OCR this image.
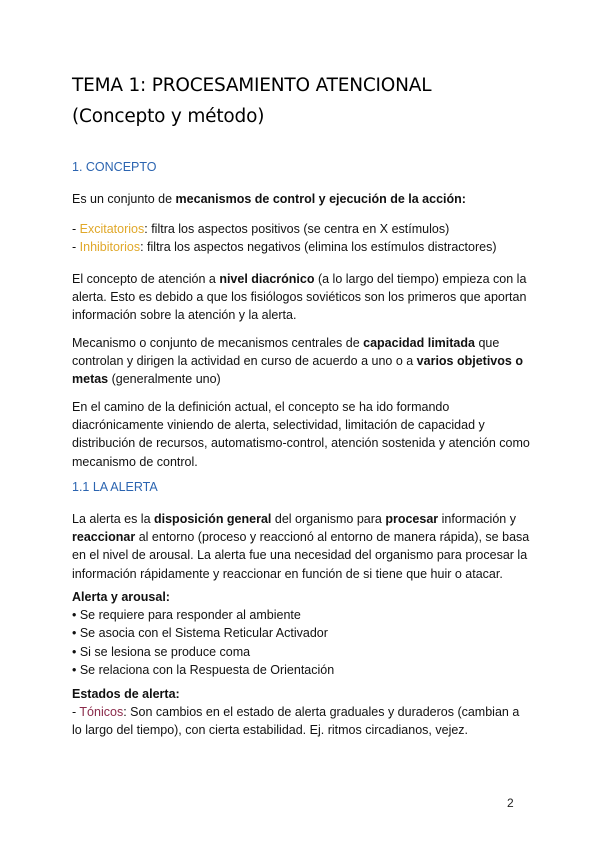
TEMA 1: PROCESAMIENTO ATENCIONAL
(Concepto y método)
1. CONCEPTO

Es un conjunto de mecanismos de control y ejecución de la acción:

- Excitatorios: filtra los aspectos positivos (se centra en X estímulos)

- Inhibitorios: filtra los aspectos negativos (elimina los estímulos distractores)

El concepto de atención a nivel diacrónico (a lo largo del tiempo) empieza con la alerta. Esto es debido a que los fisiólogos soviéticos son los primeros que aportan información sobre la atención y la alerta.

Mecanismo o conjunto de mecanismos centrales de capacidad limitada que controlan y dirigen la actividad en curso de acuerdo a uno o a varios objetivos o metas (generalmente uno)

En el camino de la definición actual, el concepto se ha ido formando diacrónicamente viniendo de alerta, selectividad, limitación de capacidad y distribución de recursos, automatismo-control, atención sostenida y atención como mecanismo de control.

1.1 LA ALERTA

La alerta es la disposición general del organismo para procesar información y reaccionar al entorno (proceso y reaccionó al entorno de manera rápida), se basa en el nivel de arousal. La alerta fue una necesidad del organismo para procesar la información rápidamente y reaccionar en función de si tiene que huir o atacar.

Alerta y arousal:

• Se requiere para responder al ambiente

• Se asocia con el Sistema Reticular Activador

• Si se lesiona se produce coma

• Se relaciona con la Respuesta de Orientación

Estados de alerta:

- Tónicos: Son cambios en el estado de alerta graduales y duraderos (cambian a lo largo del tiempo), con cierta estabilidad. Ej. ritmos circadianos, vejez.

2
